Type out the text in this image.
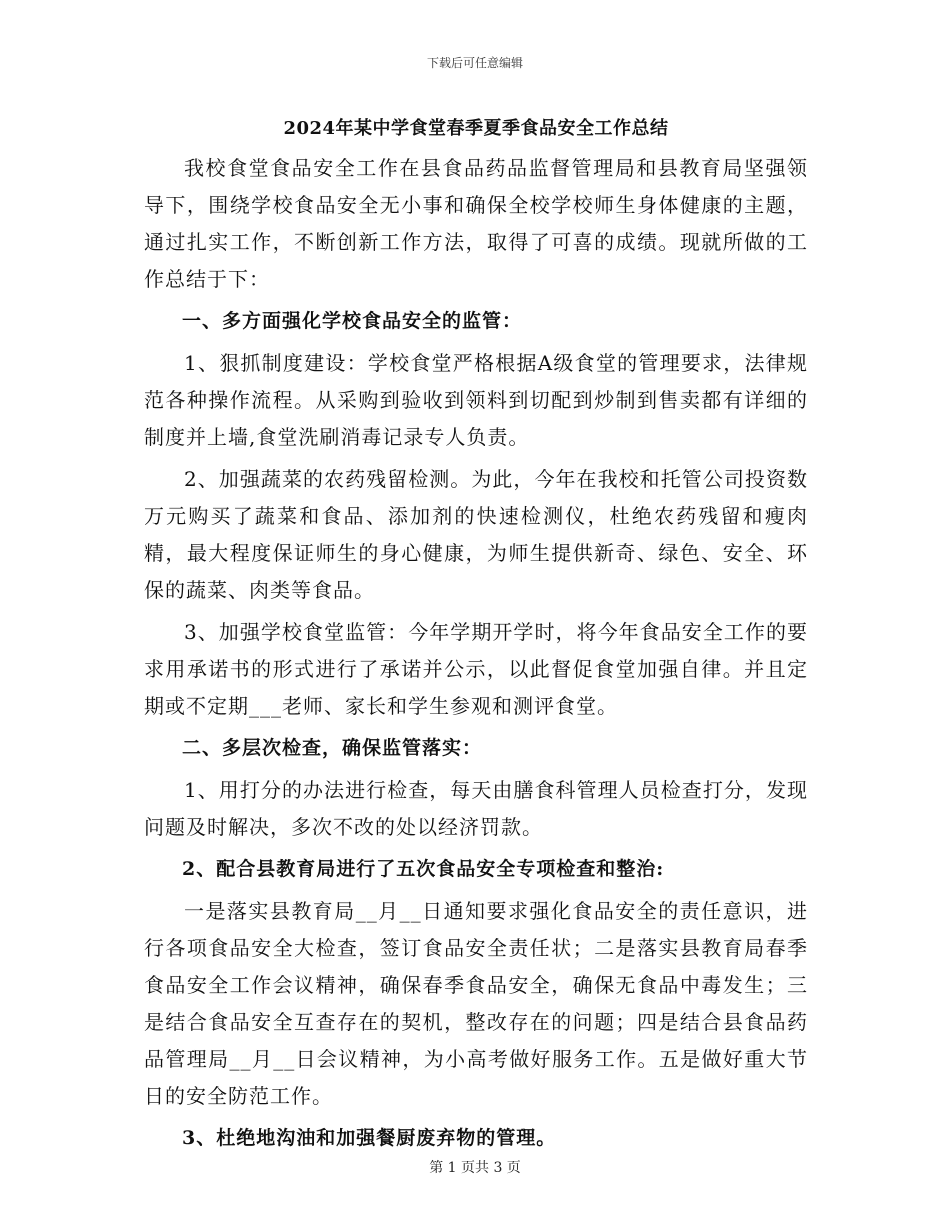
下载后可任意编辑
2024年某中学食堂春季夏季食品安全工作总结

我校食堂食品安全工作在县食品药品监督管理局和县教育局坚强领导下，围绕学校食品安全无小事和确保全校学校师生身体健康的主题，通过扎实工作，不断创新工作方法，取得了可喜的成绩。现就所做的工作总结于下：

一、多方面强化学校食品安全的监管：

1、狠抓制度建设：学校食堂严格根据A级食堂的管理要求，法律规范各种操作流程。从采购到验收到领料到切配到炒制到售卖都有详细的制度并上墙,食堂洗刷消毒记录专人负责。

2、加强蔬菜的农药残留检测。为此，今年在我校和托管公司投资数万元购买了蔬菜和食品、添加剂的快速检测仪，杜绝农药残留和瘦肉精，最大程度保证师生的身心健康，为师生提供新奇、绿色、安全、环保的蔬菜、肉类等食品。

3、加强学校食堂监管：今年学期开学时，将今年食品安全工作的要求用承诺书的形式进行了承诺并公示，以此督促食堂加强自律。并且定期或不定期___老师、家长和学生参观和测评食堂。

二、多层次检查，确保监管落实：

1、用打分的办法进行检查，每天由膳食科管理人员检查打分，发现问题及时解决，多次不改的处以经济罚款。

2、配合县教育局进行了五次食品安全专项检查和整治:

一是落实县教育局__月__日通知要求强化食品安全的责任意识，进行各项食品安全大检查，签订食品安全责任状；二是落实县教育局春季食品安全工作会议精神，确保春季食品安全，确保无食品中毒发生；三是结合食品安全互查存在的契机，整改存在的问题；四是结合县食品药品管理局__月__日会议精神，为小高考做好服务工作。五是做好重大节日的安全防范工作。

3、杜绝地沟油和加强餐厨废弃物的管理。

第 1 页共 3 页
